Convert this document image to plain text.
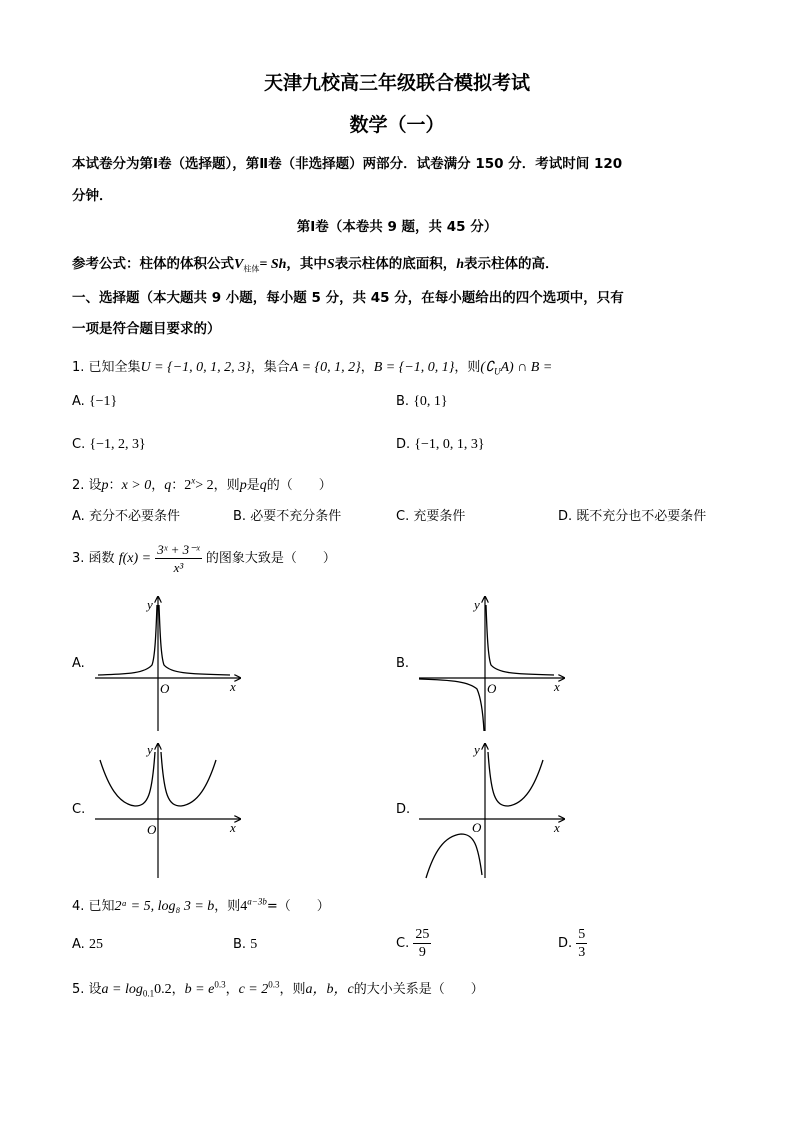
天津九校高三年级联合模拟考试
数学（一）
本试卷分为第Ⅰ卷（选择题），第Ⅱ卷（非选择题）两部分．试卷满分 150 分．考试时间 120
分钟．
第Ⅰ卷（本卷共 9 题，共 45 分）
参考公式：柱体的体积公式$V_{柱体}= Sh$，其中S表示柱体的底面积，h表示柱体的高．
一、选择题（本大题共 9 小题，每小题 5 分，共 45 分，在每小题给出的四个选项中，只有
一项是符合题目要求的）
1. 已知全集U = {−1, 0, 1, 2, 3}，集合A = {0, 1, 2}，B = {−1, 0, 1}，则$(∁_UA)$ ∩ B =
A. {−1}	B. {0, 1}
C. {−1, 2, 3}	D. {−1, 0, 1, 3}
2. 设p：x > 0，q：$2^x> 2$，则p是q的（　　）
A. 充分不必要条件	B. 必要不充分条件	C. 充要条件	D. 既不充分也不必要条件
3. 函数 $f(x) = \frac{\text{3ˣ + 3⁻ˣ}}{\text{x³}}$ 的图象大致是（　　）
A.	B.
C.	D.
y
x
O
y
x
O
y
x
O
y
x
O
4. 已知2ᵃ = 5, log₈ 3 = b，则$4^{a-3b}=$（　　）
A. 25	B. 5	C. $\frac{25}{9}$	D. $\frac{5}{3}$
5. 设$a = \log_{0.1}0.2$，$b = e^{0.3}$，$c = 2^{0.3}$，则a，b，c的大小关系是（　　）
